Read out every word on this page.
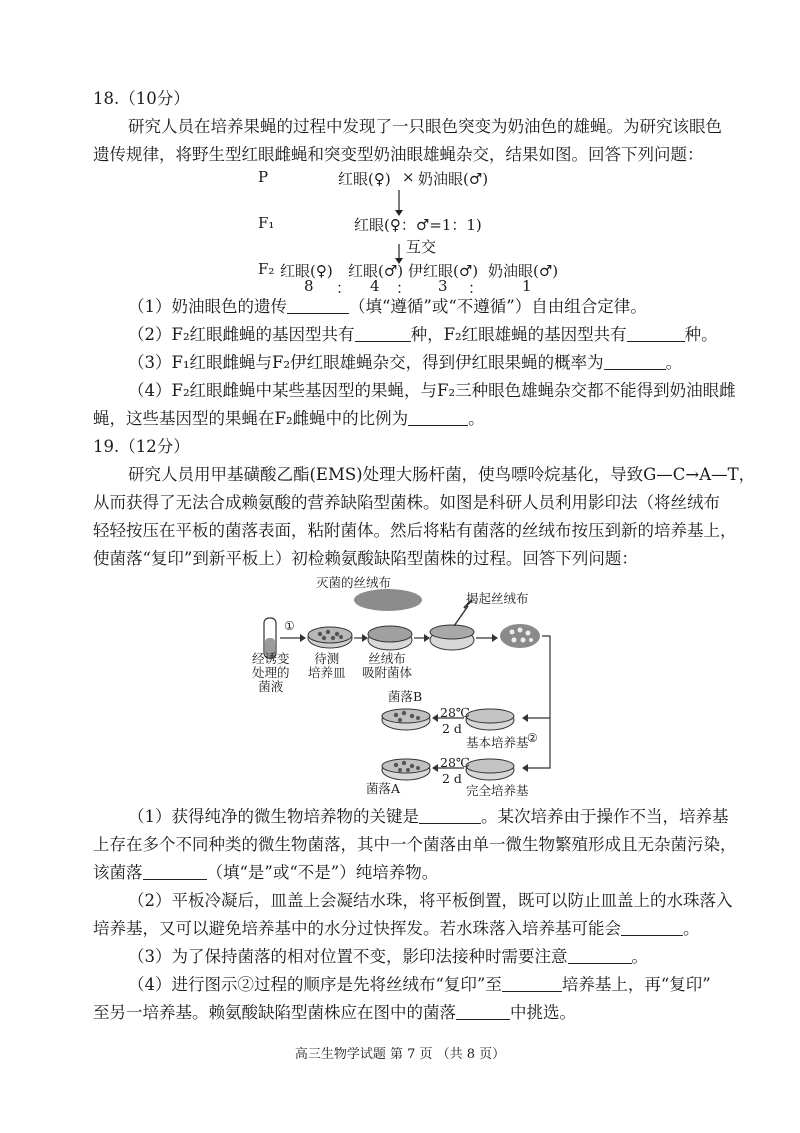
18.（10分）
研究人员在培养果蝇的过程中发现了一只眼色突变为奶油色的雄蝇。为研究该眼色
遗传规律，将野生型红眼雌蝇和突变型奶油眼雄蝇杂交，结果如图。回答下列问题：
P	红眼(♀) × 奶油眼(♂)
F₁	红眼(♀：♂=1：1)
互交
F₂ 红眼(♀) 红眼(♂) 伊红眼(♂) 奶油眼(♂)
8 ： 4 ： 3 ：	1
（1）奶油眼色的遗传	（填“遵循”或“不遵循”）自由组合定律。
（2）F₂红眼雌蝇的基因型共有	种，F₂红眼雄蝇的基因型共有	种。
（3）F₁红眼雌蝇与F₂伊红眼雄蝇杂交，得到伊红眼果蝇的概率为	。
（4）F₂红眼雌蝇中某些基因型的果蝇，与F₂三种眼色雄蝇杂交都不能得到奶油眼雌
蝇，这些基因型的果蝇在F₂雌蝇中的比例为	。
19.（12分）
研究人员用甲基磺酸乙酯(EMS)处理大肠杆菌，使鸟嘌呤烷基化，导致G—C→A—T，
从而获得了无法合成赖氨酸的营养缺陷型菌株。如图是科研人员利用影印法（将丝绒布
轻轻按压在平板的菌落表面，粘附菌体。然后将粘有菌落的丝绒布按压到新的培养基上，
使菌落“复印”到新平板上）初检赖氨酸缺陷型菌株的过程。回答下列问题：
①
②
灭菌的丝绒布
揭起丝绒布
经诱变
处理的
菌液
待测
培养皿
丝绒布
吸附菌体
菌落B
28℃
2 d
基本培养基
28℃
2 d
菌落A	完全培养基
（1）获得纯净的微生物培养物的关键是	。某次培养由于操作不当，培养基
上存在多个不同种类的微生物菌落，其中一个菌落由单一微生物繁殖形成且无杂菌污染，
该菌落	（填“是”或“不是”）纯培养物。
（2）平板冷凝后，皿盖上会凝结水珠，将平板倒置，既可以防止皿盖上的水珠落入
培养基，又可以避免培养基中的水分过快挥发。若水珠落入培养基可能会	。
（3）为了保持菌落的相对位置不变，影印法接种时需要注意	。
（4）进行图示②过程的顺序是先将丝绒布“复印”至	培养基上，再“复印”
至另一培养基。赖氨酸缺陷型菌株应在图中的菌落	中挑选。
高三生物学试题 第 7 页 （共 8 页）
